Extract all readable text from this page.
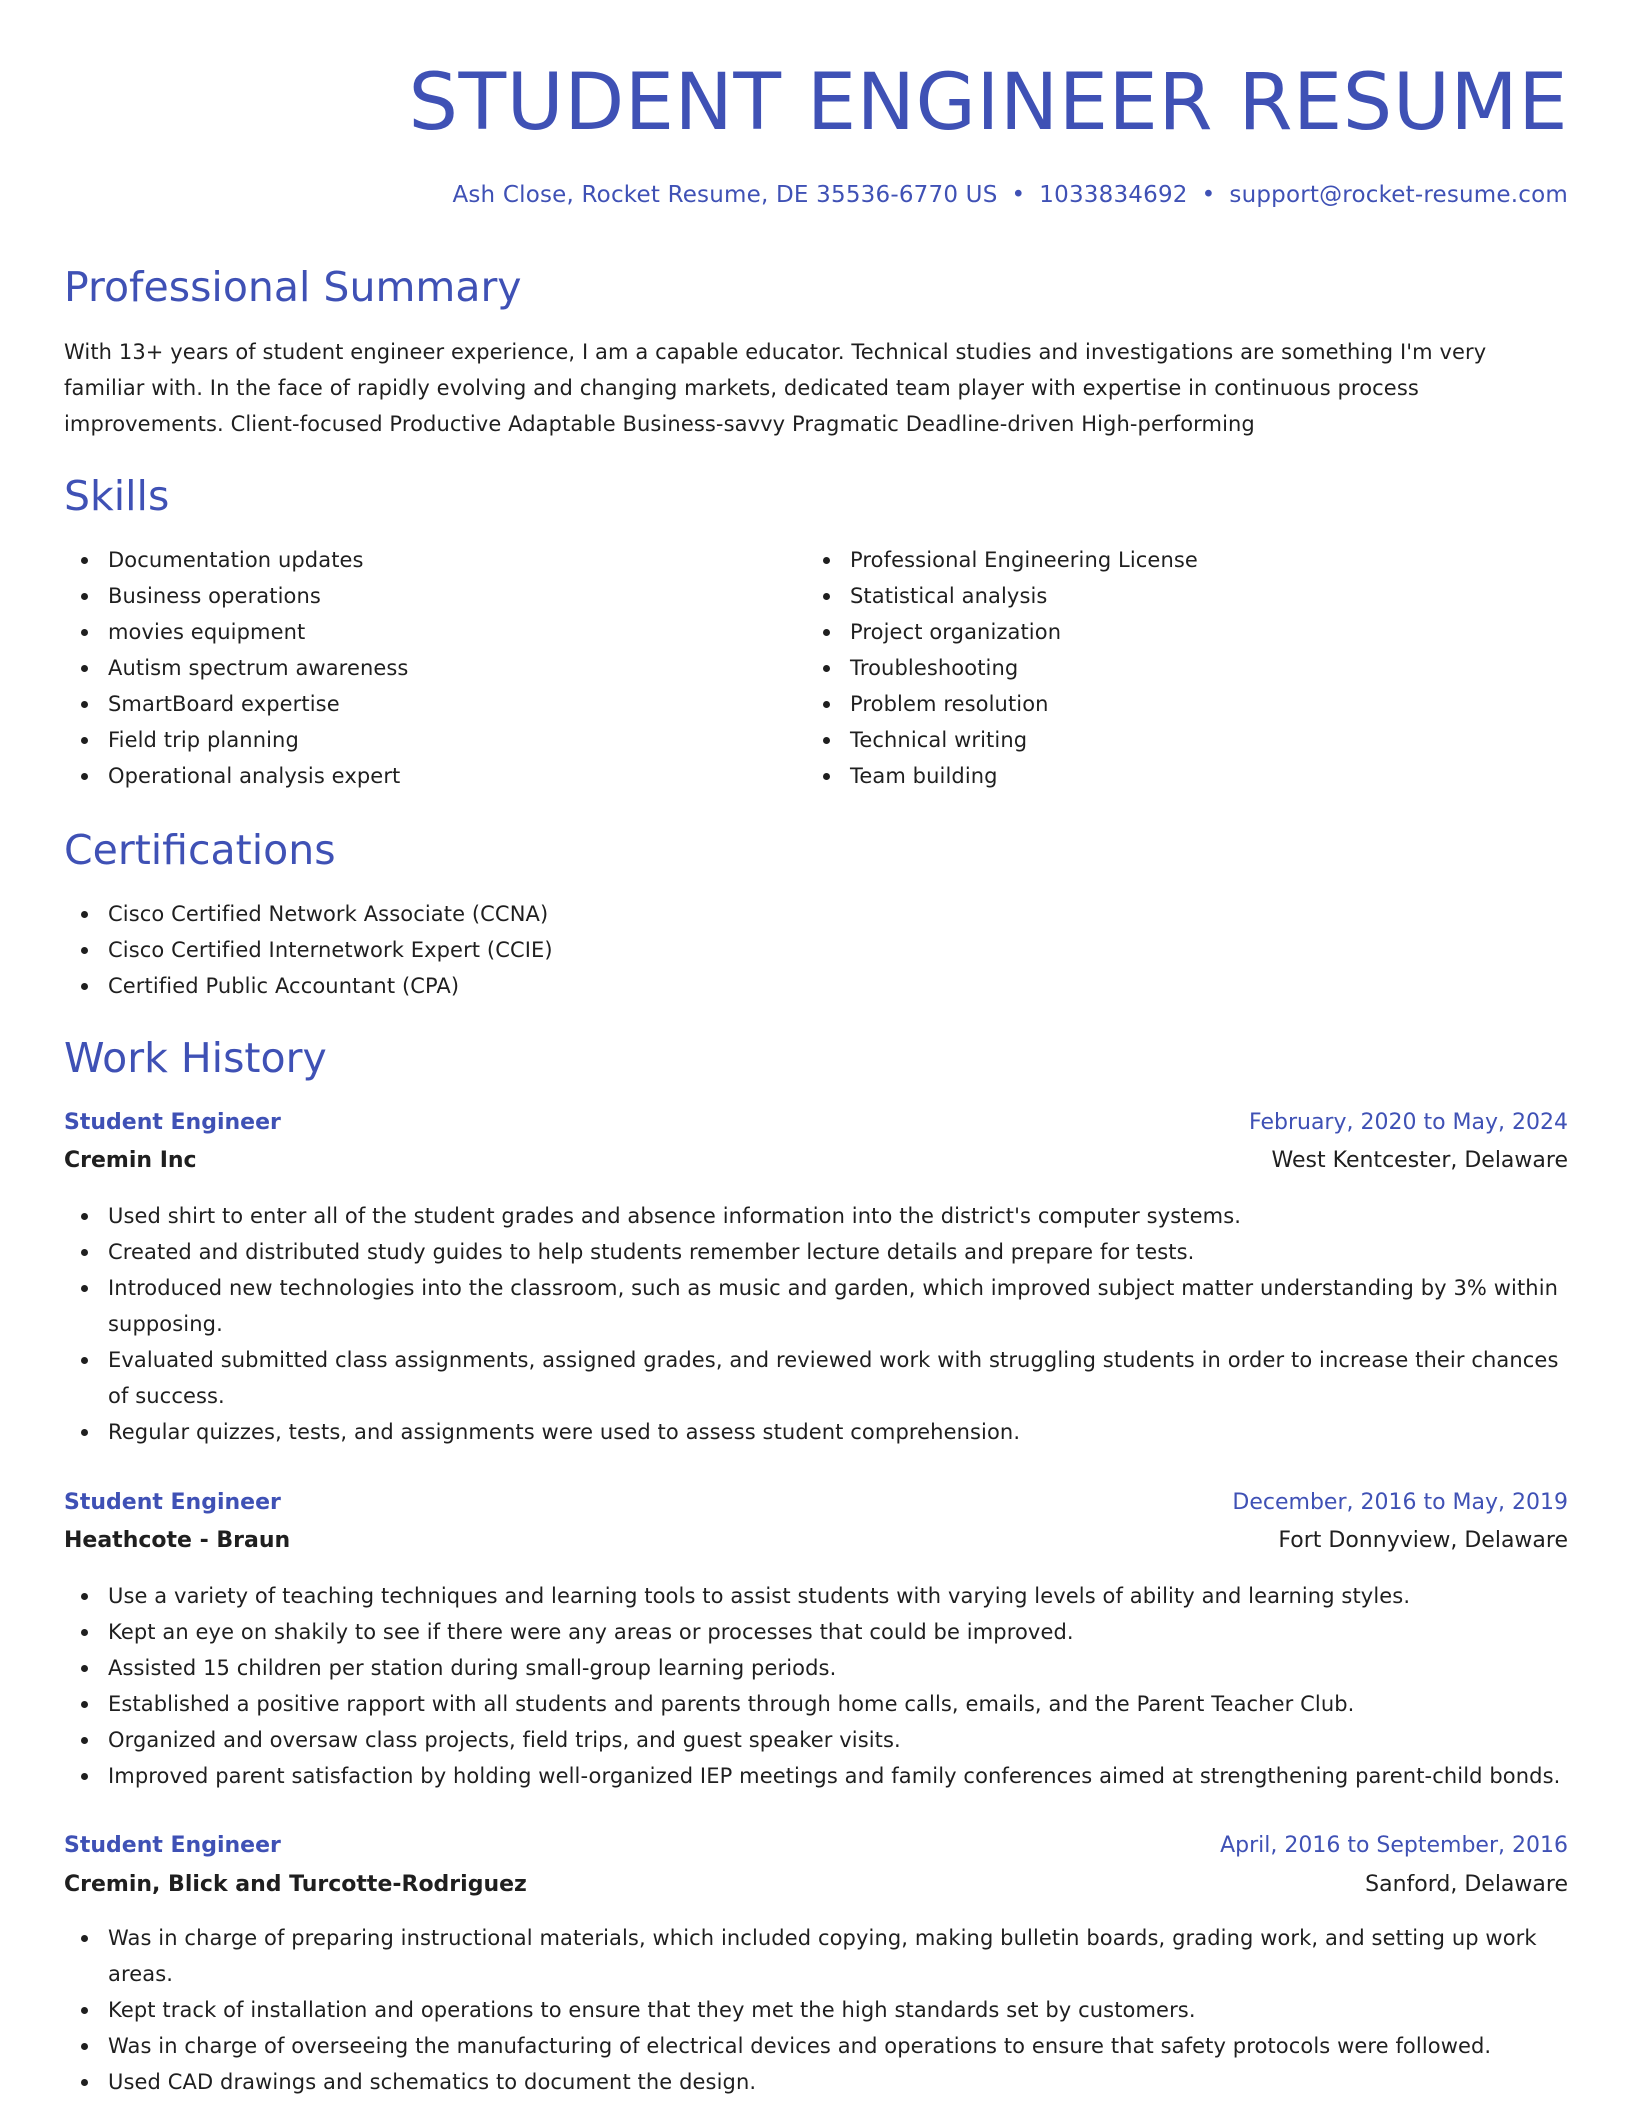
STUDENT ENGINEER RESUME
Ash Close, Rocket Resume, DE 35536-6770 US • 1033834692 • support@rocket-resume.com
Professional Summary

With 13+ years of student engineer experience, I am a capable educator. Technical studies and investigations are something I'm very familiar with. In the face of rapidly evolving and changing markets, dedicated team player with expertise in continuous process improvements. Client-focused Productive Adaptable Business-savvy Pragmatic Deadline-driven High-performing

Skills
Documentation updates
Business operations
movies equipment
Autism spectrum awareness
SmartBoard expertise
Field trip planning
Operational analysis expert
Professional Engineering License
Statistical analysis
Project organization
Troubleshooting
Problem resolution
Technical writing
Team building
Certifications
Cisco Certified Network Associate (CCNA)
Cisco Certified Internetwork Expert (CCIE)
Certified Public Accountant (CPA)
Work History
Student Engineer	February, 2020 to May, 2024
Cremin Inc	West Kentcester, Delaware
Used shirt to enter all of the student grades and absence information into the district's computer systems.
Created and distributed study guides to help students remember lecture details and prepare for tests.
Introduced new technologies into the classroom, such as music and garden, which improved subject matter understanding by 3% within supposing.
Evaluated submitted class assignments, assigned grades, and reviewed work with struggling students in order to increase their chances of success.
Regular quizzes, tests, and assignments were used to assess student comprehension.
Student Engineer	December, 2016 to May, 2019
Heathcote - Braun	Fort Donnyview, Delaware
Use a variety of teaching techniques and learning tools to assist students with varying levels of ability and learning styles.
Kept an eye on shakily to see if there were any areas or processes that could be improved.
Assisted 15 children per station during small-group learning periods.
Established a positive rapport with all students and parents through home calls, emails, and the Parent Teacher Club.
Organized and oversaw class projects, field trips, and guest speaker visits.
Improved parent satisfaction by holding well-organized IEP meetings and family conferences aimed at strengthening parent-child bonds.
Student Engineer	April, 2016 to September, 2016
Cremin, Blick and Turcotte-Rodriguez	Sanford, Delaware
Was in charge of preparing instructional materials, which included copying, making bulletin boards, grading work, and setting up work areas.
Kept track of installation and operations to ensure that they met the high standards set by customers.
Was in charge of overseeing the manufacturing of electrical devices and operations to ensure that safety protocols were followed.
Used CAD drawings and schematics to document the design.
